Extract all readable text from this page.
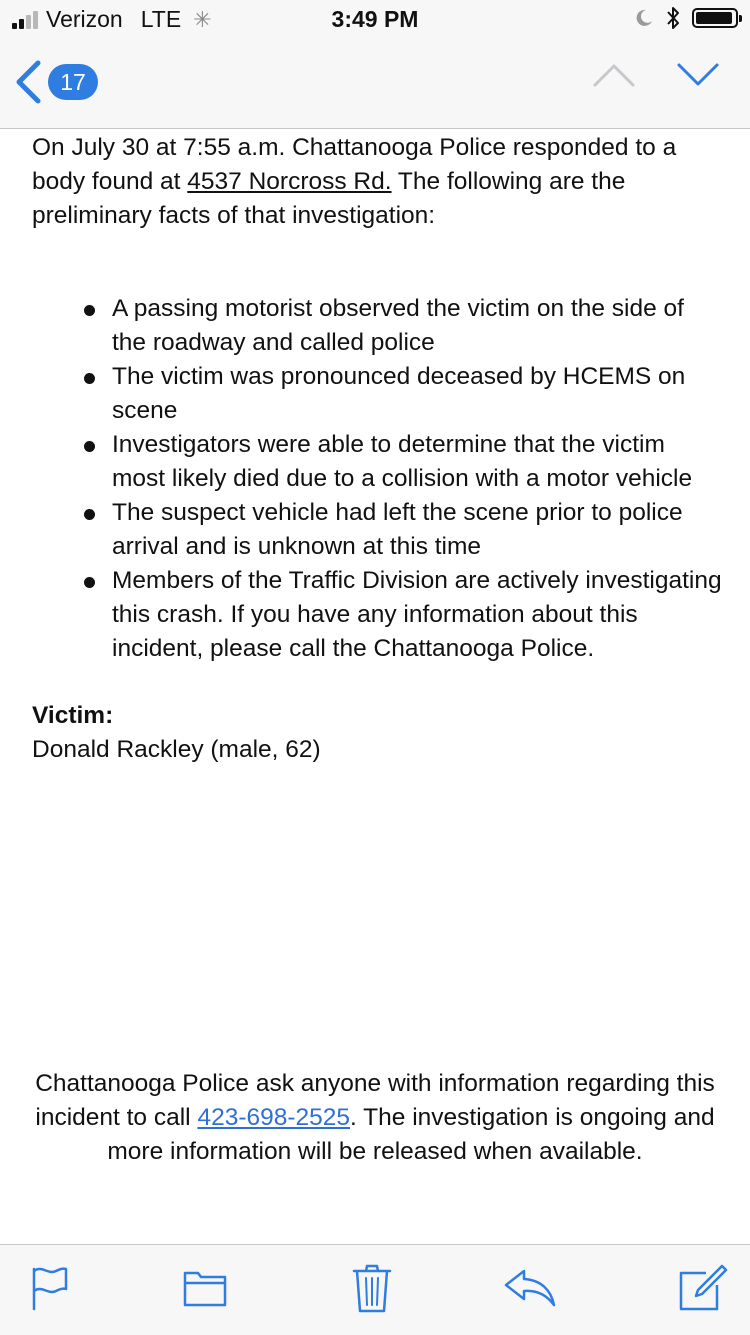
Verizon LTE ✳	3:49 PM
17

On July 30 at 7:55 a.m. Chattanooga Police responded to a body found at 4537 Norcross Rd. The following are the preliminary facts of that investigation:

A passing motorist observed the victim on the side of the roadway and called police
The victim was pronounced deceased by HCEMS on scene
Investigators were able to determine that the victim most likely died due to a collision with a motor vehicle
The suspect vehicle had left the scene prior to police arrival and is unknown at this time
Members of the Traffic Division are actively investigating this crash. If you have any information about this incident, please call the Chattanooga Police.

Victim:

Donald Rackley (male, 62)

Chattanooga Police ask anyone with information regarding this incident to call 423-698-2525. The investigation is ongoing and more information will be released when available.
